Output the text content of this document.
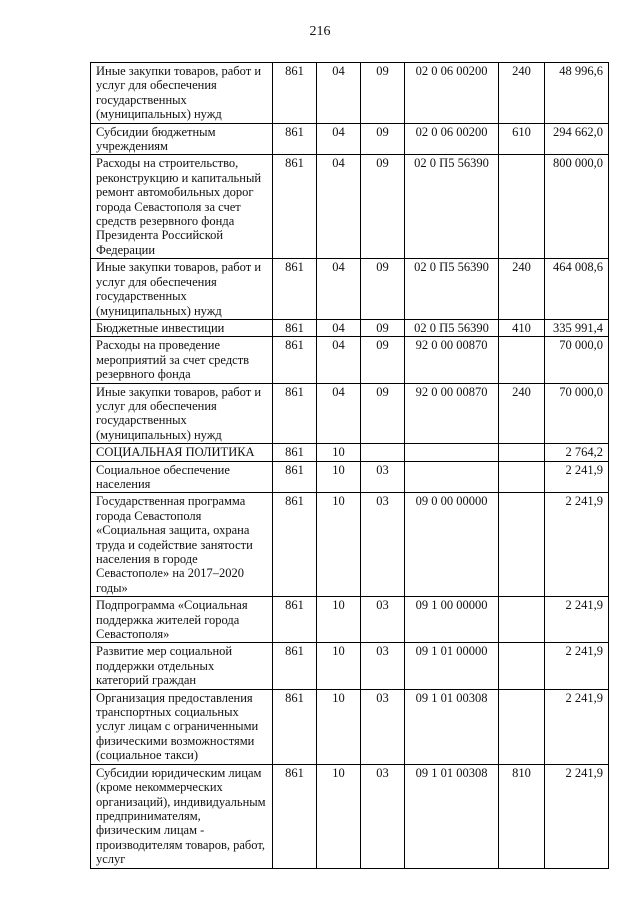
216
Иные закупки товаров, работ и услуг для обеспечения государственных (муниципальных) нужд	861	04	09	02 0 06 00200	240	48 996,6
Субсидии бюджетным учреждениям	861	04	09	02 0 06 00200	610	294 662,0
Расходы на строительство, реконструкцию и капитальный ремонт автомобильных дорог города Севастополя за счет средств резервного фонда Президента Российской Федерации	861	04	09	02 0 П5 56390		800 000,0
Иные закупки товаров, работ и услуг для обеспечения государственных (муниципальных) нужд	861	04	09	02 0 П5 56390	240	464 008,6
Бюджетные инвестиции	861	04	09	02 0 П5 56390	410	335 991,4
Расходы на проведение мероприятий за счет средств резервного фонда	861	04	09	92 0 00 00870		70 000,0
Иные закупки товаров, работ и услуг для обеспечения государственных (муниципальных) нужд	861	04	09	92 0 00 00870	240	70 000,0
СОЦИАЛЬНАЯ ПОЛИТИКА	861	10				2 764,2
Социальное обеспечение населения	861	10	03			2 241,9
Государственная программа города Севастополя «Социальная защита, охрана труда и содействие занятости населения в городе Севастополе» на 2017–2020 годы»	861	10	03	09 0 00 00000		2 241,9
Подпрограмма «Социальная поддержка жителей города Севастополя»	861	10	03	09 1 00 00000		2 241,9
Развитие мер социальной поддержки отдельных категорий граждан	861	10	03	09 1 01 00000		2 241,9
Организация предоставления транспортных социальных услуг лицам с ограниченными физическими возможностями (социальное такси)	861	10	03	09 1 01 00308		2 241,9
Субсидии юридическим лицам (кроме некоммерческих организаций), индивидуальным предпринимателям, физическим лицам - производителям товаров, работ, услуг	861	10	03	09 1 01 00308	810	2 241,9
